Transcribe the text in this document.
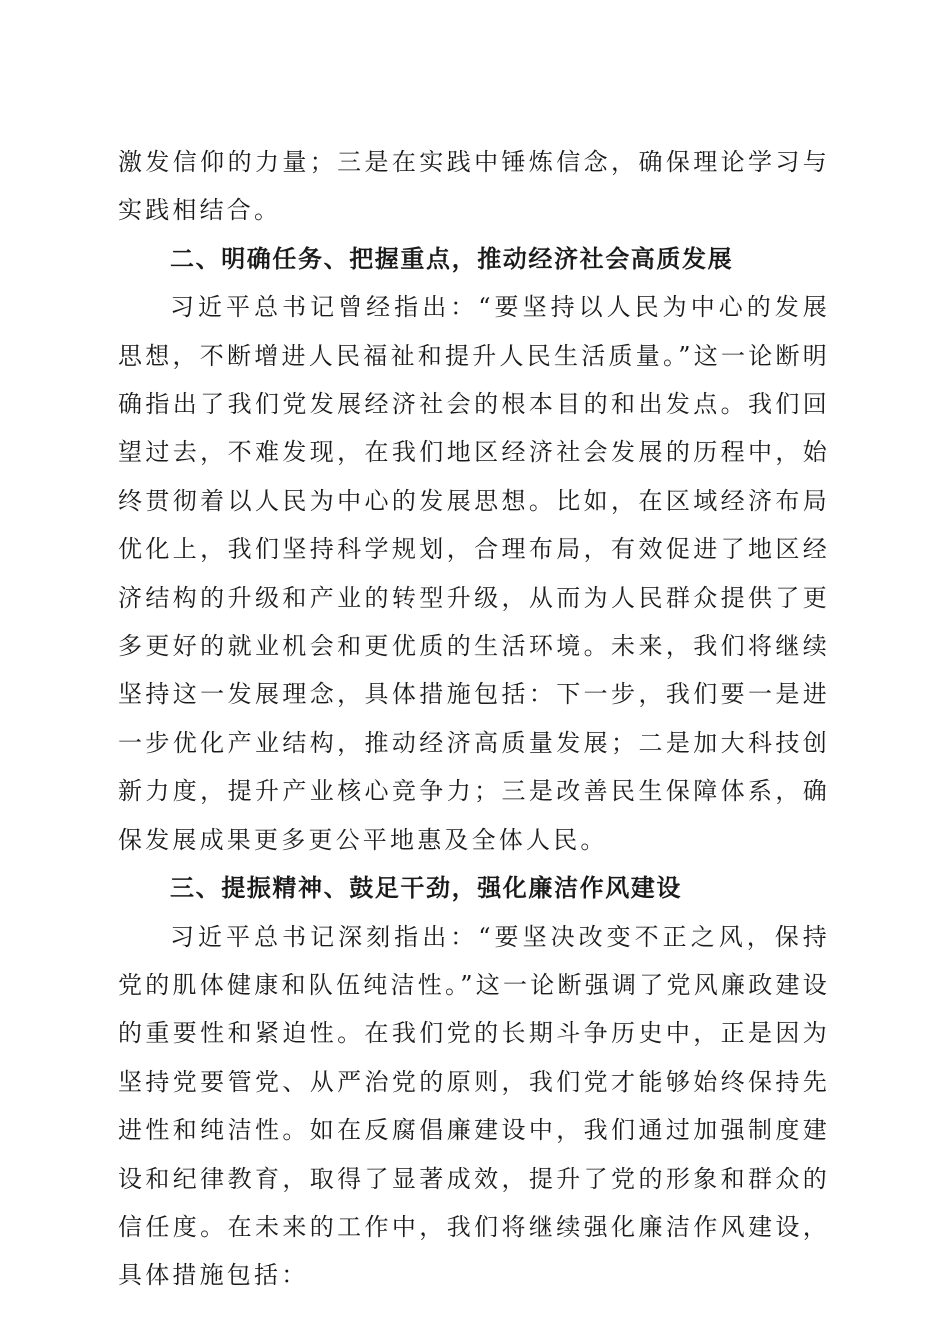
激发信仰的力量；三是在实践中锤炼信念，确保理论学习与实践相结合。

二、明确任务、把握重点，推动经济社会高质发展

习近平总书记曾经指出：“要坚持以人民为中心的发展思想，不断增进人民福祉和提升人民生活质量。”这一论断明确指出了我们党发展经济社会的根本目的和出发点。我们回望过去，不难发现，在我们地区经济社会发展的历程中，始终贯彻着以人民为中心的发展思想。比如，在区域经济布局优化上，我们坚持科学规划，合理布局，有效促进了地区经济结构的升级和产业的转型升级，从而为人民群众提供了更多更好的就业机会和更优质的生活环境。未来，我们将继续坚持这一发展理念，具体措施包括：下一步，我们要一是进一步优化产业结构，推动经济高质量发展；二是加大科技创新力度，提升产业核心竞争力；三是改善民生保障体系，确保发展成果更多更公平地惠及全体人民。

三、提振精神、鼓足干劲，强化廉洁作风建设

习近平总书记深刻指出：“要坚决改变不正之风，保持党的肌体健康和队伍纯洁性。”这一论断强调了党风廉政建设的重要性和紧迫性。在我们党的长期斗争历史中，正是因为坚持党要管党、从严治党的原则，我们党才能够始终保持先进性和纯洁性。如在反腐倡廉建设中，我们通过加强制度建设和纪律教育，取得了显著成效，提升了党的形象和群众的信任度。在未来的工作中，我们将继续强化廉洁作风建设，具体措施包括：
